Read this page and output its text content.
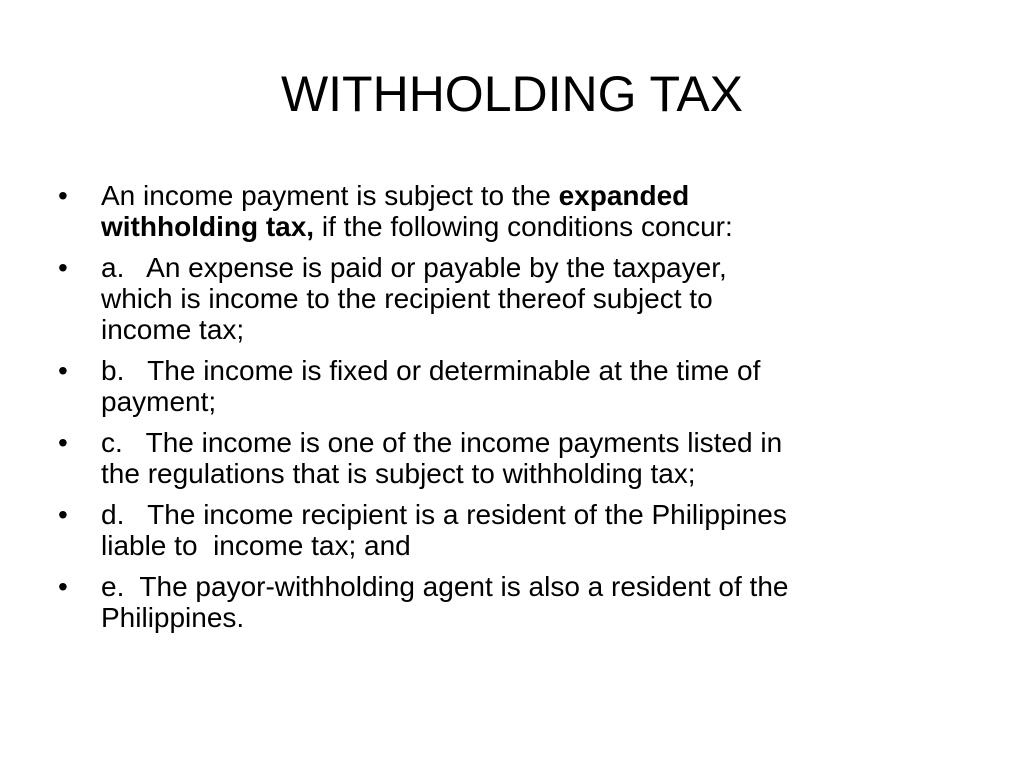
WITHHOLDING TAX
•	An income payment is subject to the expanded
withholding tax, if the following conditions concur:
•	a.   An expense is paid or payable by the taxpayer,
which is income to the recipient thereof subject to
income tax;
•	b.   The income is fixed or determinable at the time of
payment;
•	c.   The income is one of the income payments listed in
the regulations that is subject to withholding tax;
•	d.   The income recipient is a resident of the Philippines
liable to  income tax; and
•	e.  The payor-withholding agent is also a resident of the
Philippines.
